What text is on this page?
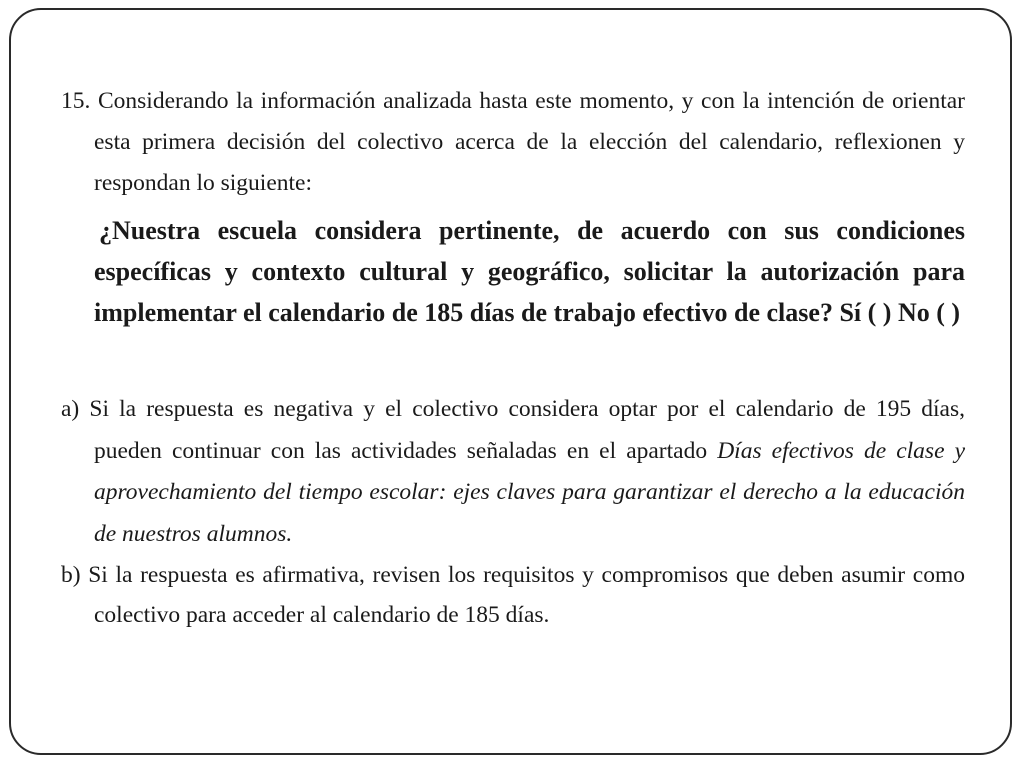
15. Considerando la información analizada hasta este momento, y con la intención de orientar esta primera decisión del colectivo acerca de la elección del calendario, reflexionen y respondan lo siguiente:

¿Nuestra escuela considera pertinente, de acuerdo con sus condiciones específicas y contexto cultural y geográfico, solicitar la autorización para implementar el calendario de 185 días de trabajo efectivo de clase? Sí ( ) No ( )

a) Si la respuesta es negativa y el colectivo considera optar por el calendario de 195 días, pueden continuar con las actividades señaladas en el apartado Días efectivos de clase y aprovechamiento del tiempo escolar: ejes claves para garantizar el derecho a la educación de nuestros alumnos.

b) Si la respuesta es afirmativa, revisen los requisitos y compromisos que deben asumir como colectivo para acceder al calendario de 185 días.
